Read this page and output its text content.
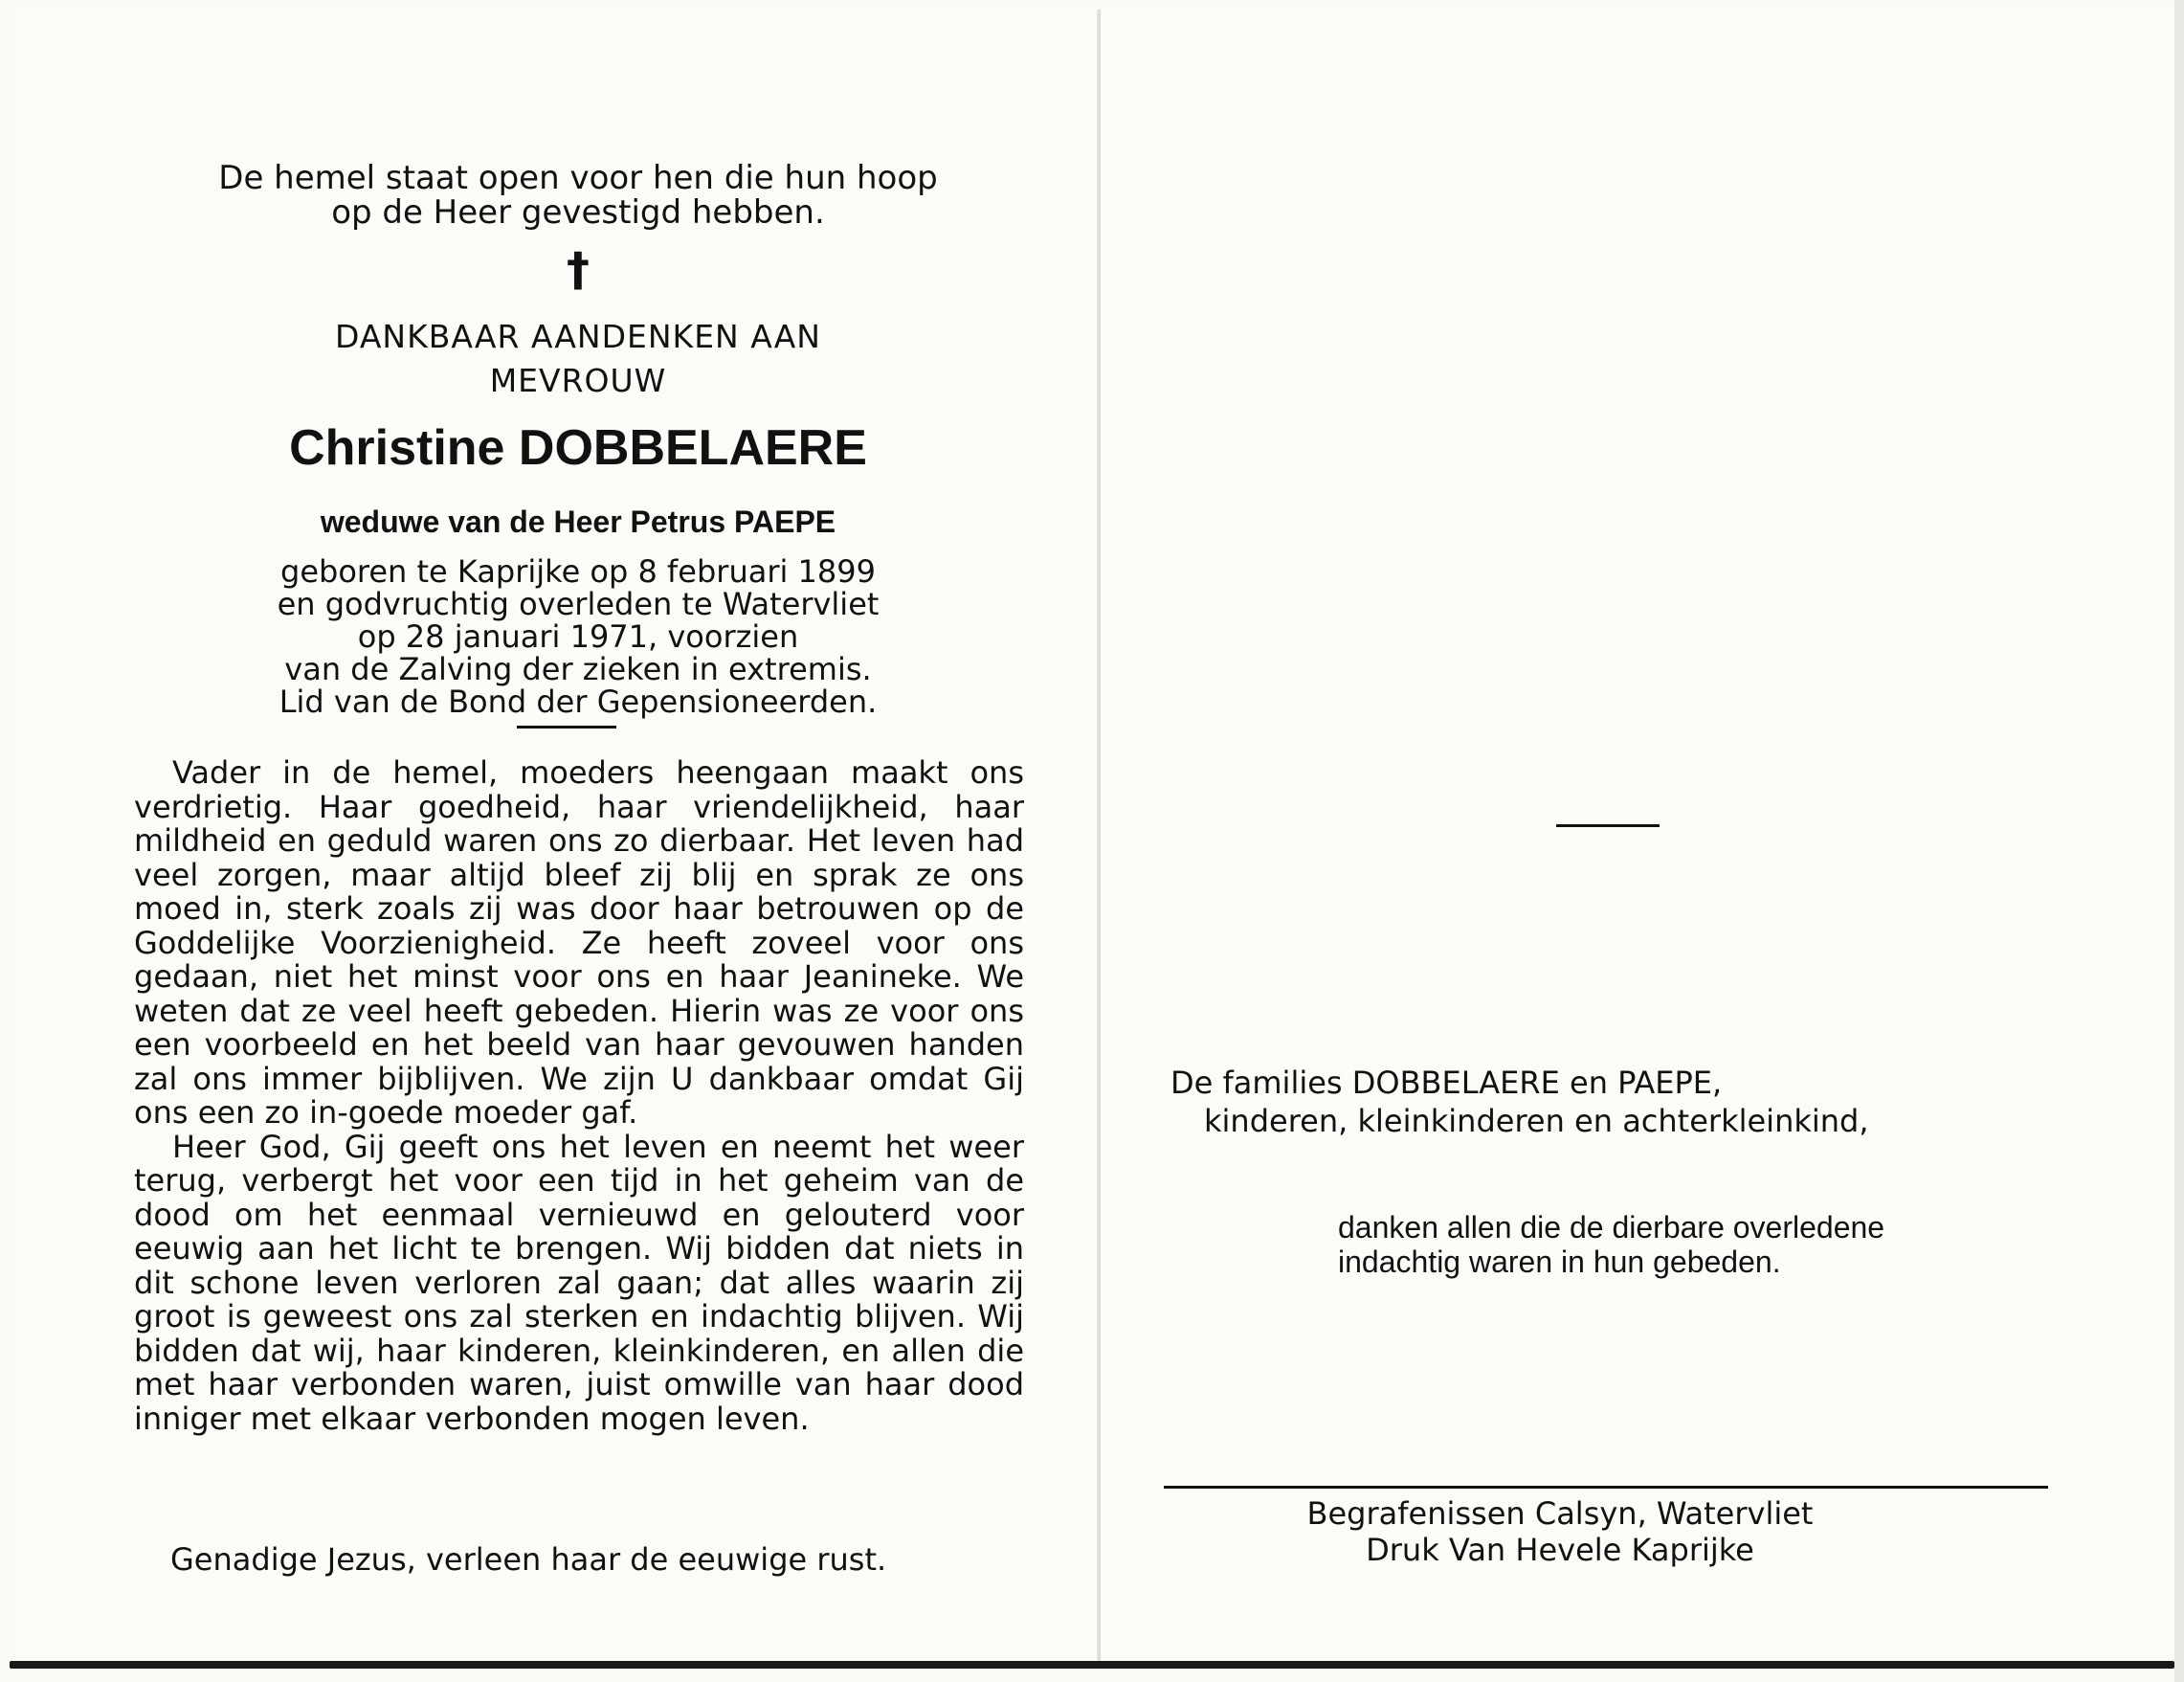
De hemel staat open voor hen die hun hoop
op de Heer gevestigd hebben.
†
DANKBAAR AANDENKEN AAN
MEVROUW
Christine DOBBELAERE
weduwe van de Heer Petrus PAEPE
geboren te Kaprijke op 8 februari 1899
en godvruchtig overleden te Watervliet
op 28 januari 1971, voorzien
van de Zalving der zieken in extremis.
Lid van de Bond der Gepensioneerden.

Vader in de hemel, moeders heengaan maakt ons verdrietig. Haar goedheid, haar vriendelijkheid, haar mildheid en geduld waren ons zo dierbaar. Het leven had veel zorgen, maar altijd bleef zij blij en sprak ze ons moed in, sterk zoals zij was door haar betrouwen op de Goddelijke Voorzienigheid. Ze heeft zoveel voor ons gedaan, niet het minst voor ons en haar Jeanineke. We weten dat ze veel heeft gebeden. Hierin was ze voor ons een voorbeeld en het beeld van haar gevouwen handen zal ons immer bijblijven. We zijn U dankbaar omdat Gij ons een zo in-goede moeder gaf.

Heer God, Gij geeft ons het leven en neemt het weer terug, verbergt het voor een tijd in het geheim van de dood om het eenmaal vernieuwd en gelouterd voor eeuwig aan het licht te brengen. Wij bidden dat niets in dit schone leven verloren zal gaan; dat alles waarin zij groot is geweest ons zal sterken en indachtig blijven. Wij bidden dat wij, haar kinderen, kleinkinderen, en allen die met haar verbonden waren, juist omwille van haar dood inniger met elkaar verbonden mogen leven.

Genadige Jezus, verleen haar de eeuwige rust.
De families DOBBELAERE en PAEPE,
kinderen, kleinkinderen en achterkleinkind,
danken allen die de dierbare overledene
indachtig waren in hun gebeden.
Begrafenissen Calsyn, Watervliet
Druk Van Hevele Kaprijke
